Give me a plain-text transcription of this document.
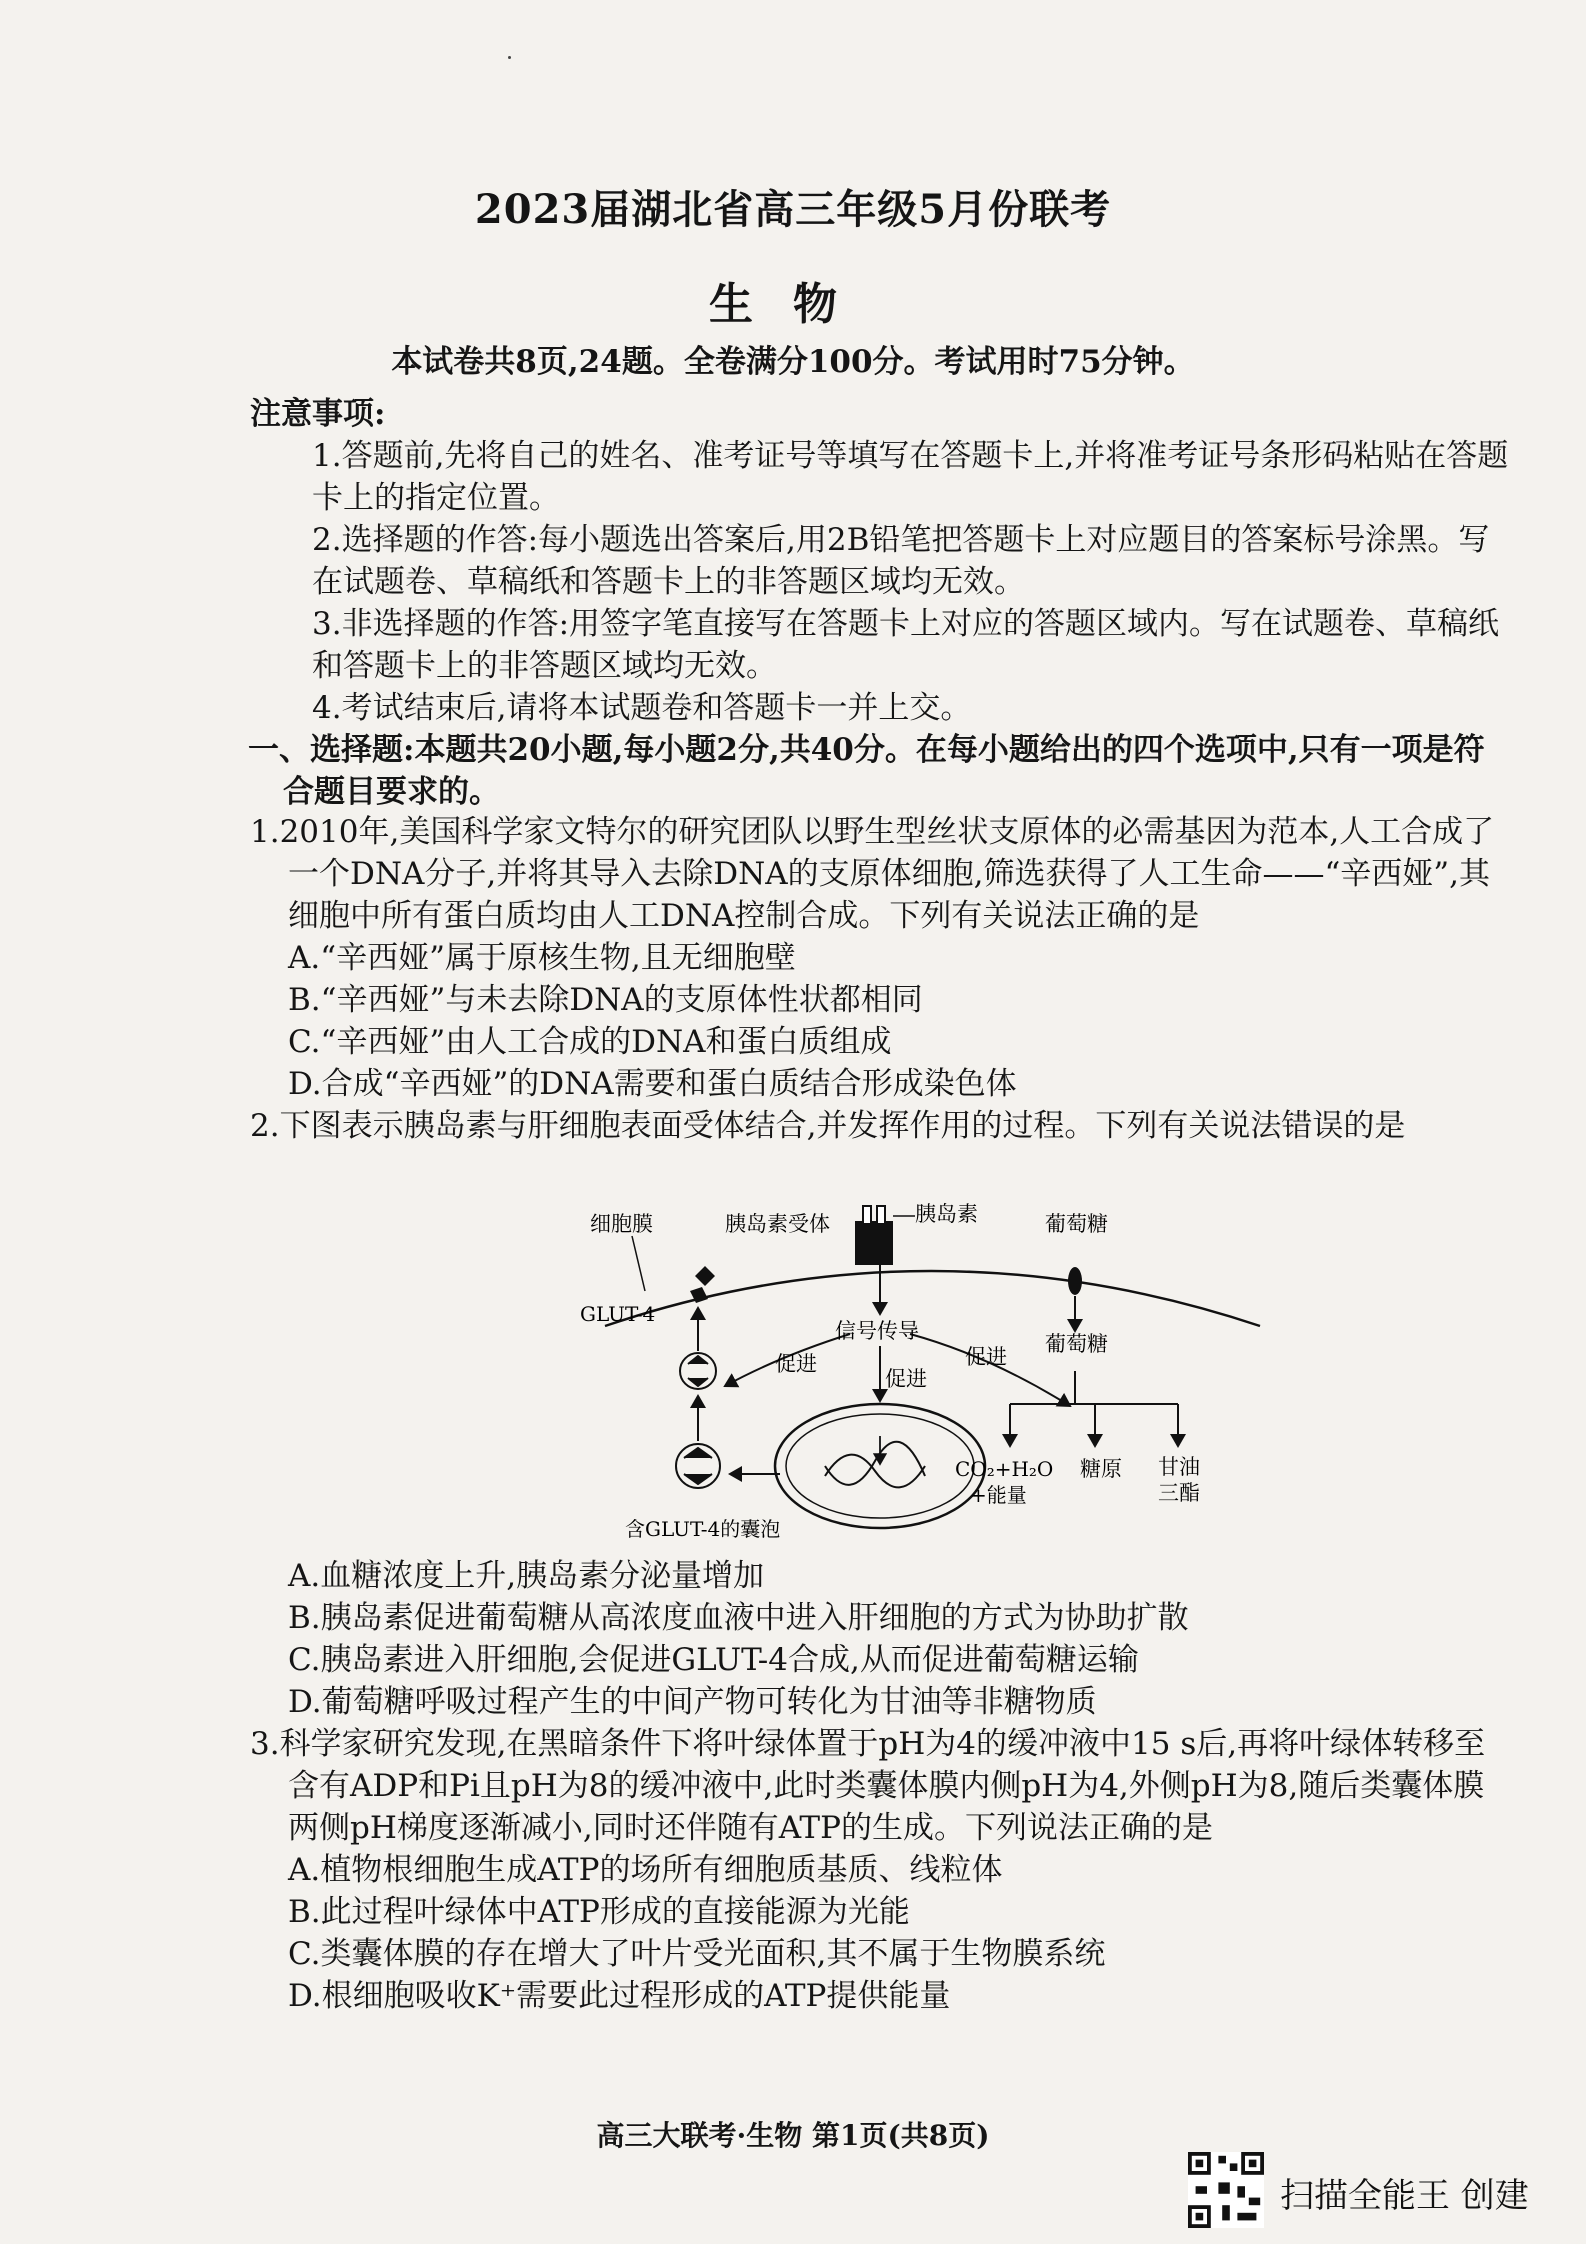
2023届湖北省高三年级5月份联考
生物
本试卷共8页,24题。全卷满分100分。考试用时75分钟。

注意事项:

1.答题前,先将自己的姓名、准考证号等填写在答题卡上,并将准考证号条形码粘贴在答题卡上的指定位置。

2.选择题的作答:每小题选出答案后,用2B铅笔把答题卡上对应题目的答案标号涂黑。写在试题卷、草稿纸和答题卡上的非答题区域均无效。

3.非选择题的作答:用签字笔直接写在答题卡上对应的答题区域内。写在试题卷、草稿纸和答题卡上的非答题区域均无效。

4.考试结束后,请将本试题卷和答题卡一并上交。

一、选择题:本题共20小题,每小题2分,共40分。在每小题给出的四个选项中,只有一项是符合题目要求的。

1.2010年,美国科学家文特尔的研究团队以野生型丝状支原体的必需基因为范本,人工合成了一个DNA分子,并将其导入去除DNA的支原体细胞,筛选获得了人工生命——“辛西娅”,其细胞中所有蛋白质均由人工DNA控制合成。下列有关说法正确的是

A.“辛西娅”属于原核生物,且无细胞壁

B.“辛西娅”与未去除DNA的支原体性状都相同

C.“辛西娅”由人工合成的DNA和蛋白质组成

D.合成“辛西娅”的DNA需要和蛋白质结合形成染色体

2.下图表示胰岛素与肝细胞表面受体结合,并发挥作用的过程。下列有关说法错误的是

细胞膜	胰岛素受体	胰岛素	葡萄糖
GLUT-4
信号传导
促进
促进
促进
葡萄糖
含GLUT-4的囊泡
CO₂+H₂O
+能量
糖原 甘油
三酯

A.血糖浓度上升,胰岛素分泌量增加

B.胰岛素促进葡萄糖从高浓度血液中进入肝细胞的方式为协助扩散

C.胰岛素进入肝细胞,会促进GLUT-4合成,从而促进葡萄糖运输

D.葡萄糖呼吸过程产生的中间产物可转化为甘油等非糖物质

3.科学家研究发现,在黑暗条件下将叶绿体置于pH为4的缓冲液中15 s后,再将叶绿体转移至含有ADP和Pi且pH为8的缓冲液中,此时类囊体膜内侧pH为4,外侧pH为8,随后类囊体膜两侧pH梯度逐渐减小,同时还伴随有ATP的生成。下列说法正确的是

A.植物根细胞生成ATP的场所有细胞质基质、线粒体

B.此过程叶绿体中ATP形成的直接能源为光能

C.类囊体膜的存在增大了叶片受光面积,其不属于生物膜系统

D.根细胞吸收K⁺需要此过程形成的ATP提供能量

高三大联考·生物 第1页(共8页)
扫描全能王 创建
